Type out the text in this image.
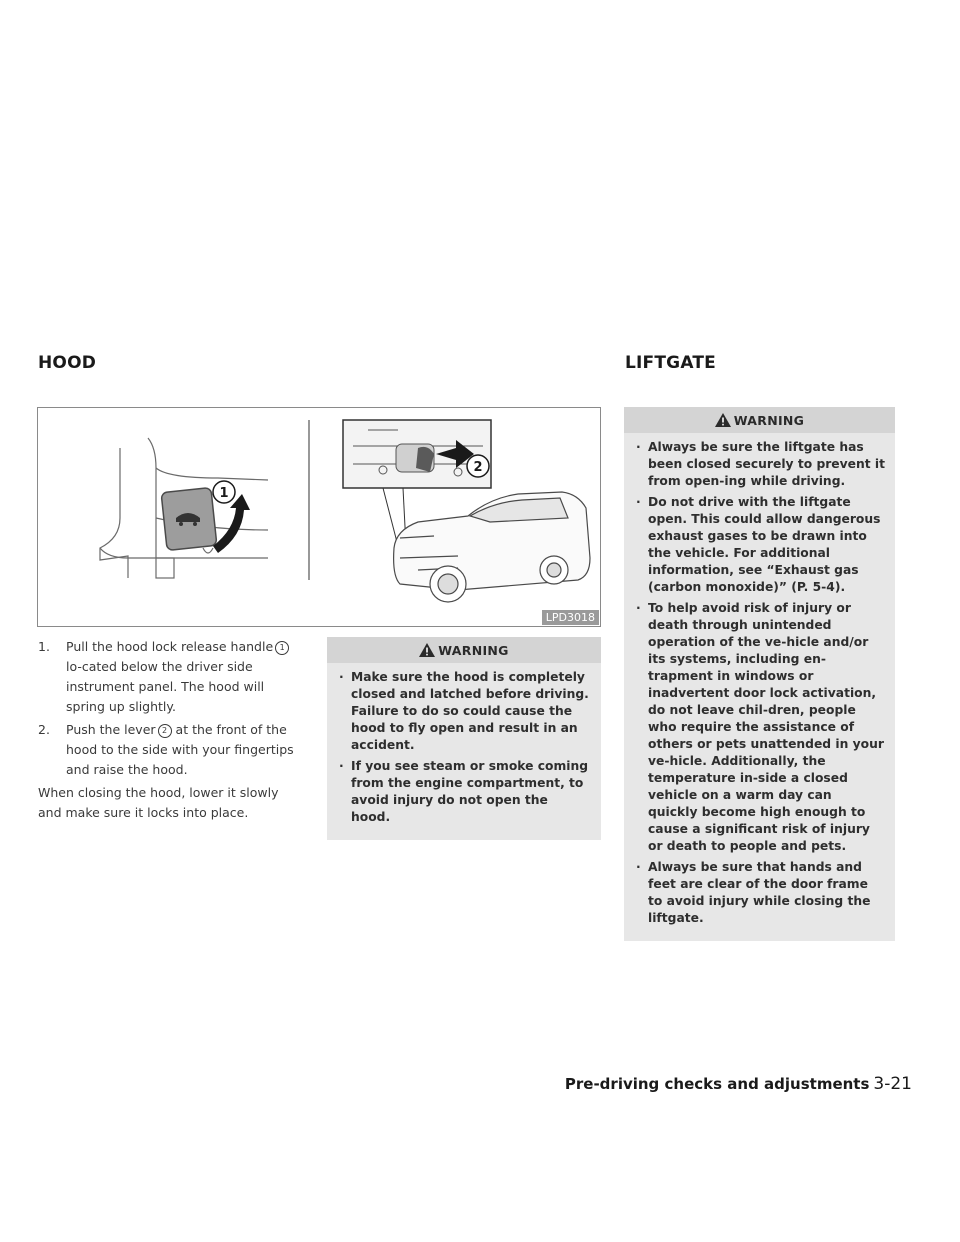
HOOD	LIFTGATE
1
2
LPD3018
1. Pull the hood lock release handle 1lo-cated below the driver side instrument panel. The hood will spring up slightly.
2. Push the lever 2 at the front of the hood to the side with your fingertips and raise the hood.
When closing the hood, lower it slowly and make sure it locks into place.
WARNING
· Make sure the hood is completely closed and latched before driving. Failure to do so could cause the hood to fly open and result in an accident.
· If you see steam or smoke coming from the engine compartment, to avoid injury do not open the hood.
WARNING
· Always be sure the liftgate has been closed securely to prevent it from open-ing while driving.
· Do not drive with the liftgate open. This could allow dangerous exhaust gases to be drawn into the vehicle. For additional information, see “Exhaust gas (carbon monoxide)” (P. 5-4).
· To help avoid risk of injury or death through unintended operation of the ve-hicle and/or its systems, including en-trapment in windows or inadvertent door lock activation, do not leave chil-dren, people who require the assistance of others or pets unattended in your ve-hicle. Additionally, the temperature in-side a closed vehicle on a warm day can quickly become high enough to cause a significant risk of injury or death to people and pets.
· Always be sure that hands and feet are clear of the door frame to avoid injury while closing the liftgate.
Pre-driving checks and adjustments 3-21
